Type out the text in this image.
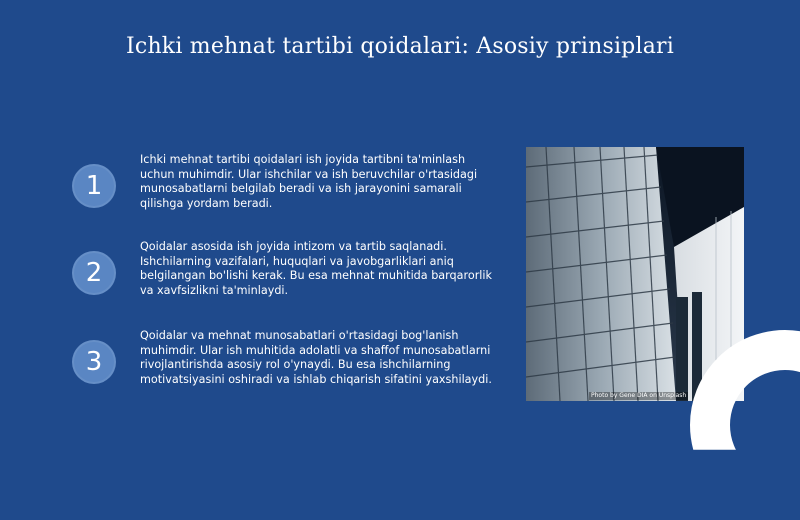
Ichki mehnat tartibi qoidalari: Asosiy prinsiplari
1
Ichki mehnat tartibi qoidalari ish joyida tartibni ta'minlash uchun muhimdir. Ular ishchilar va ish beruvchilar o'rtasidagi munosabatlarni belgilab beradi va ish jarayonini samarali qilishga yordam beradi.
2
Qoidalar asosida ish joyida intizom va tartib saqlanadi. Ishchilarning vazifalari, huquqlari va javobgarliklari aniq belgilangan bo'lishi kerak. Bu esa mehnat muhitida barqarorlik va xavfsizlikni ta'minlaydi.
3
Qoidalar va mehnat munosabatlari o'rtasidagi bog'lanish muhimdir. Ular ish muhitida adolatli va shaffof munosabatlarni rivojlantirishda asosiy rol o'ynaydi. Bu esa ishchilarning motivatsiyasini oshiradi va ishlab chiqarish sifatini yaxshilaydi.
Photo by Gene DIA on Unsplash
